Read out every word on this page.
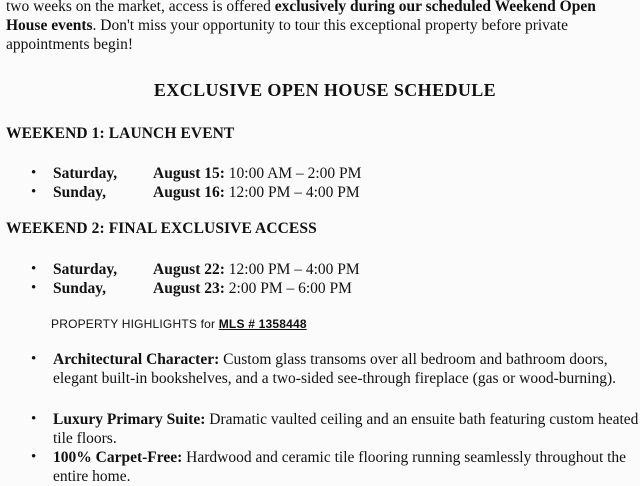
two weeks on the market, access is offered exclusively during our scheduled Weekend Open
House events. Don't miss your opportunity to tour this exceptional property before private
appointments begin!
EXCLUSIVE OPEN HOUSE SCHEDULE
WEEKEND 1: LAUNCH EVENT
• Saturday, August 15: 10:00 AM – 2:00 PM
• Sunday,	August 16: 12:00 PM – 4:00 PM
WEEKEND 2: FINAL EXCLUSIVE ACCESS
• Saturday, August 22: 12:00 PM – 4:00 PM
• Sunday,	August 23: 2:00 PM – 6:00 PM
PROPERTY HIGHLIGHTS for MLS # 1358448
• Architectural Character: Custom glass transoms over all bedroom and bathroom doors, elegant built-in bookshelves, and a two-sided see-through fireplace (gas or wood-burning).
• Luxury Primary Suite: Dramatic vaulted ceiling and an ensuite bath featuring custom heated tile floors.
• 100% Carpet-Free: Hardwood and ceramic tile flooring running seamlessly throughout the entire home.
